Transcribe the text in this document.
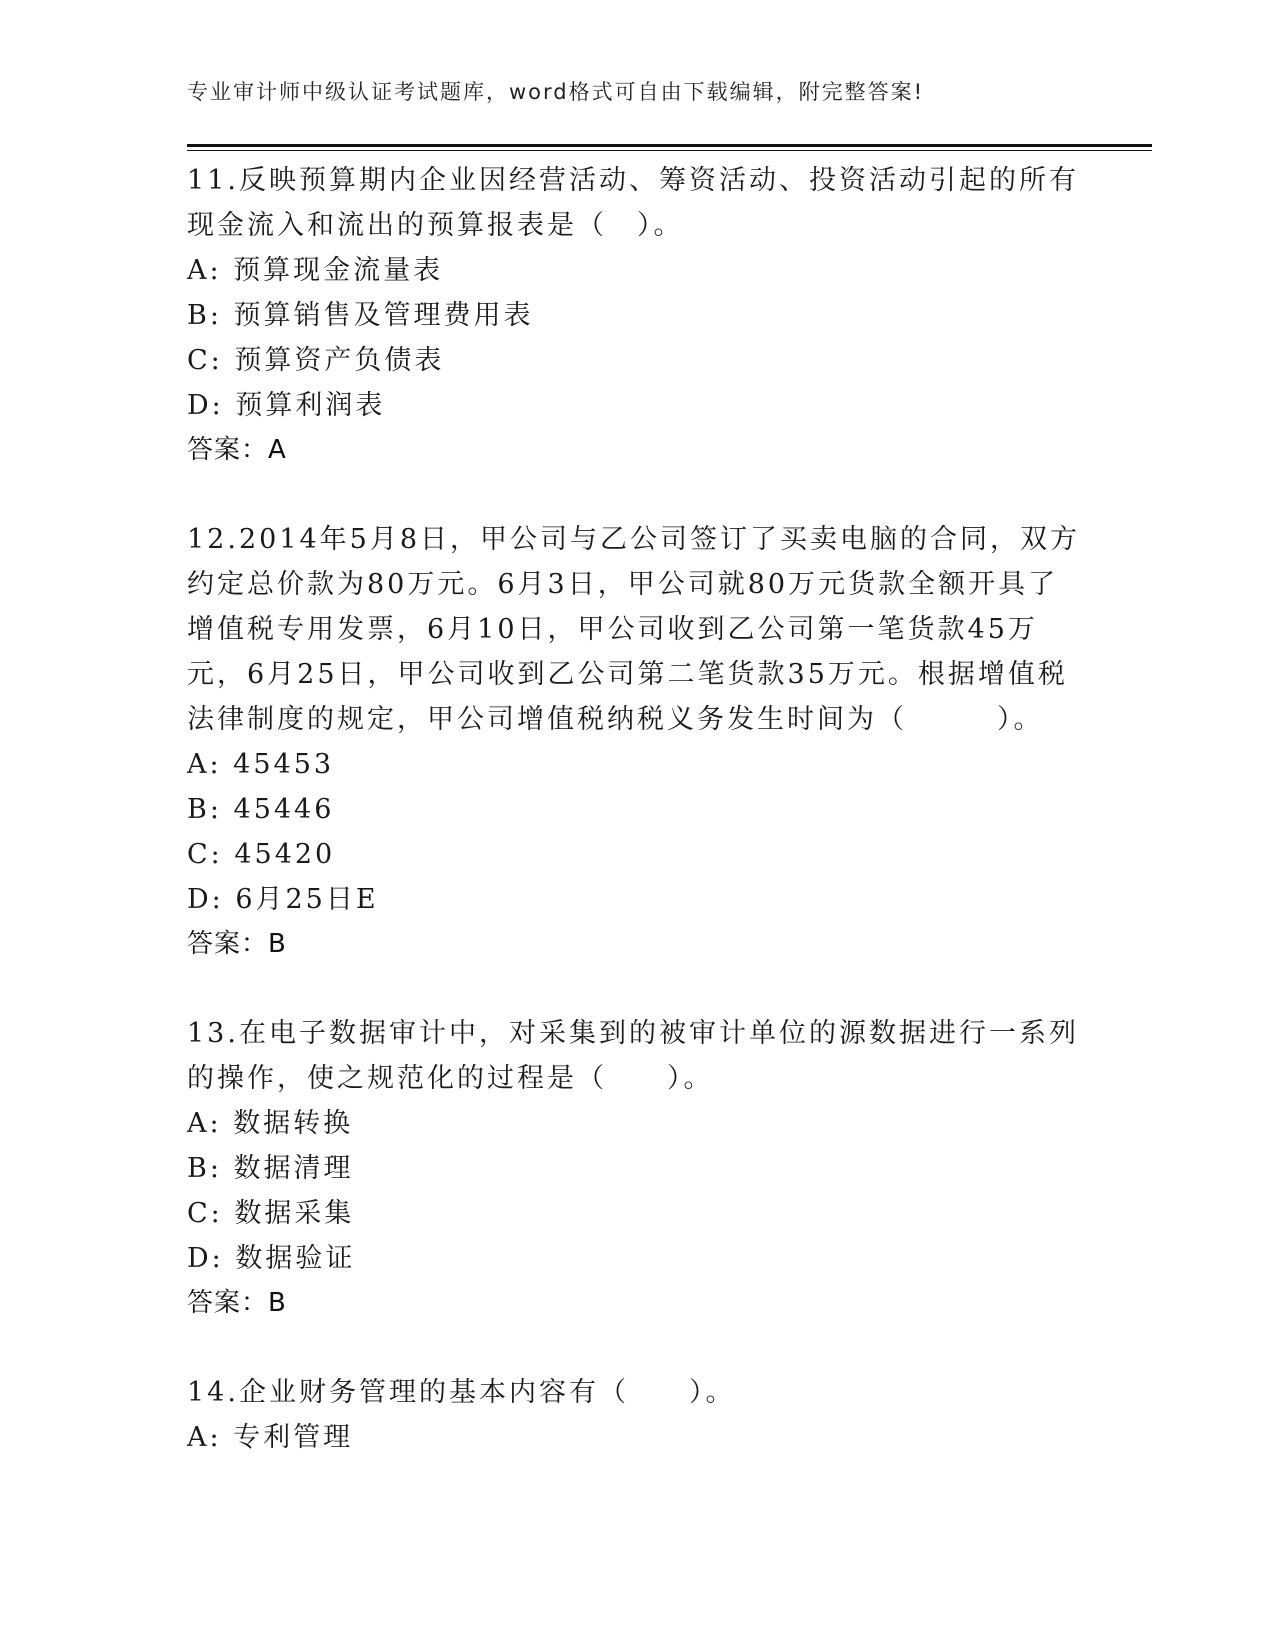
专业审计师中级认证考试题库，word格式可自由下载编辑，附完整答案!

11.反映预算期内企业因经营活动、筹资活动、投资活动引起的所有现金流入和流出的预算报表是（　）。

A: 预算现金流量表

B: 预算销售及管理费用表

C: 预算资产负债表

D: 预算利润表

答案：A

12.2014年5月8日，甲公司与乙公司签订了买卖电脑的合同，双方约定总价款为80万元。6月3日，甲公司就80万元货款全额开具了增值税专用发票，6月10日，甲公司收到乙公司第一笔货款45万元，6月25日，甲公司收到乙公司第二笔货款35万元。根据增值税法律制度的规定，甲公司增值税纳税义务发生时间为（　　　）。

A: 45453

B: 45446

C: 45420

D: 6月25日E

答案：B

13.在电子数据审计中，对采集到的被审计单位的源数据进行一系列的操作，使之规范化的过程是（　　）。

A: 数据转换

B: 数据清理

C: 数据采集

D: 数据验证

答案：B

14.企业财务管理的基本内容有（　　）。

A: 专利管理
